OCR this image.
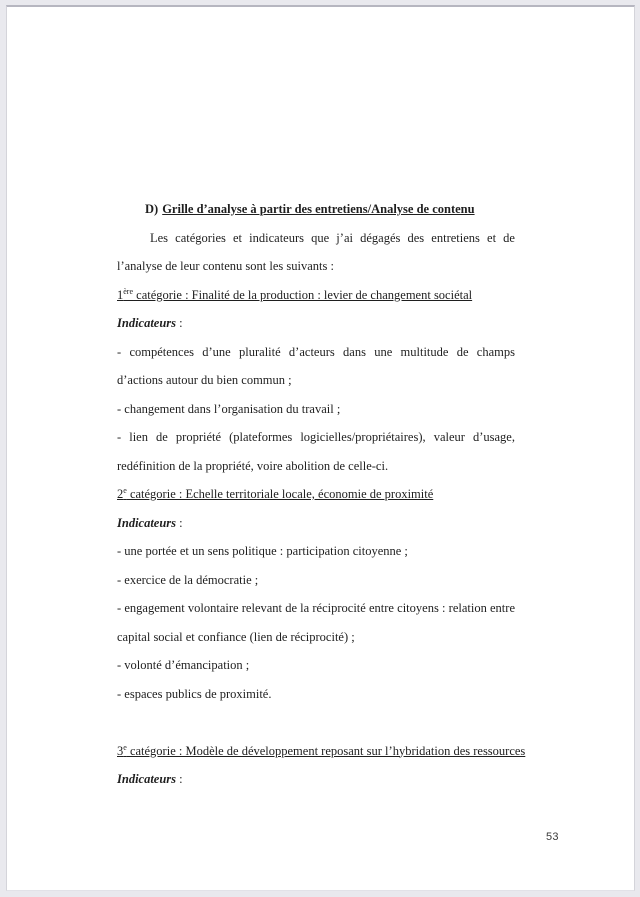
D) Grille d’analyse à partir des entretiens/Analyse de contenu

Les catégories et indicateurs que j’ai dégagés des entretiens et de l’analyse de leur contenu sont les suivants :

1ère catégorie : Finalité de la production : levier de changement sociétal

Indicateurs :

- compétences d’une pluralité d’acteurs dans une multitude de champs d’actions autour du bien commun ;

- changement dans l’organisation du travail ;

- lien de propriété (plateformes logicielles/propriétaires), valeur d’usage, redéfinition de la propriété, voire abolition de celle-ci.

2e catégorie : Echelle territoriale locale, économie de proximité

Indicateurs :

- une portée et un sens politique : participation citoyenne ;

- exercice de la démocratie ;

- engagement volontaire relevant de la réciprocité entre citoyens : relation entre capital social et confiance (lien de réciprocité) ;

- volonté d’émancipation ;

- espaces publics de proximité.

3e catégorie : Modèle de développement reposant sur l’hybridation des ressources

Indicateurs :

53
